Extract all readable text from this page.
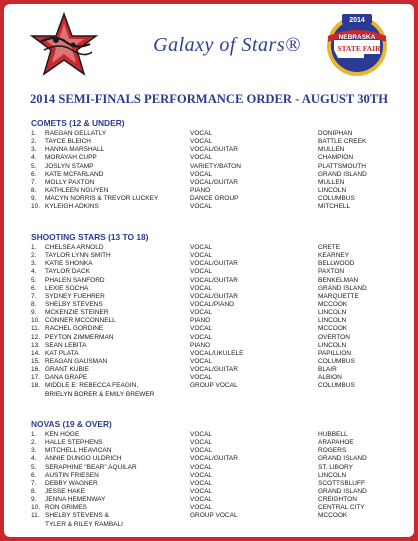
Galaxy of Stars®
2014
NEBRASKA
STATE FAIR
2014 SEMI-FINALS PERFORMANCE ORDER - AUGUST 30TH
COMETS (12 & UNDER)
1.	RAEGAN GELLATLY	VOCAL	DONIPHAN
2.	TAYCE BLEICH	VOCAL	BATTLE CREEK
3.	HANNA MARSHALL	VOCAL/GUITAR	MULLEN
4.	MORAYAH CUPP	VOCAL	CHAMPION
5.	JOSLYN STAMP	VARIETY/BATON	PLATTSMOUTH
6.	KATE MCFARLAND	VOCAL	GRAND ISLAND
7.	MOLLY PAXTON	VOCAL/GUITAR	MULLEN
8.	KATHLEEN NGUYEN	PIANO	LINCOLN
9.	MACYN NORRIS & TREVOR LUCKEY	DANCE GROUP	COLUMBUS
10. KYLEIGH ADKINS	VOCAL	MITCHELL
SHOOTING STARS (13 TO 18)
1.	CHELSEA ARNOLD	VOCAL	CRETE
2.	TAYLOR LYNN SMITH	VOCAL	KEARNEY
3.	KATIE SHONKA	VOCAL/GUITAR	BELLWOOD
4.	TAYLOR DACK	VOCAL	PAXTON
5.	PHALEN SANFORD	VOCAL/GUITAR	BENKELMAN
6.	LEXIE SOCHA	VOCAL	GRAND ISLAND
7.	SYDNEY FUEHRER	VOCAL/GUITAR	MARQUETTE
8.	SHELBY STEVENS	VOCAL/PIANO	MCCOOK
9.	MCKENZIE STEINER	VOCAL	LINCOLN
10. CONNER MCCONNELL	PIANO	LINCOLN
11. RACHEL GORDINE	VOCAL	MCCOOK
12. PEYTON ZIMMERMAN	VOCAL	OVERTON
13. SEAN LEBITA	PIANO	LINCOLN
14. KAT PLATA	VOCAL/UKULELE	PAPILLION
15. REAGAN GAUSMAN	VOCAL	COLUMBUS
16. GRANT KUBIE	VOCAL/GUITAR	BLAIR
17. DANA GRAPE	VOCAL	ALBION
18. MIDDLE E: REBECCA FEAGIN,	GROUP VOCAL	COLUMBUS
BRIELYN BORER & EMILY BREWER
NOVAS (19 & OVER)
1.	KEN HOGE	VOCAL	HUBBELL
2.	HALLE STEPHENS	VOCAL	ARAPAHOE
3.	MITCHELL HEAVICAN	VOCAL	ROGERS
4.	ANNIE DUNGO ULDRICH	VOCAL/GUITAR	GRAND ISLAND
5.	SERAPHINE "BEAR" AQUILAR	VOCAL	ST. LIBORY
6.	AUSTIN FRIESEN	VOCAL	LINCOLN
7.	DEBBY WAGNER	VOCAL	SCOTTSBLUFF
8.	JESSE HAKE	VOCAL	GRAND ISLAND
9.	JENNA HEMENWAY	VOCAL	CREIGHTON
10. RON GRIMES	VOCAL	CENTRAL CITY
11. SHELBY STEVENS &	GROUP VOCAL	MCCOOK
TYLER & RILEY RAMBALI
